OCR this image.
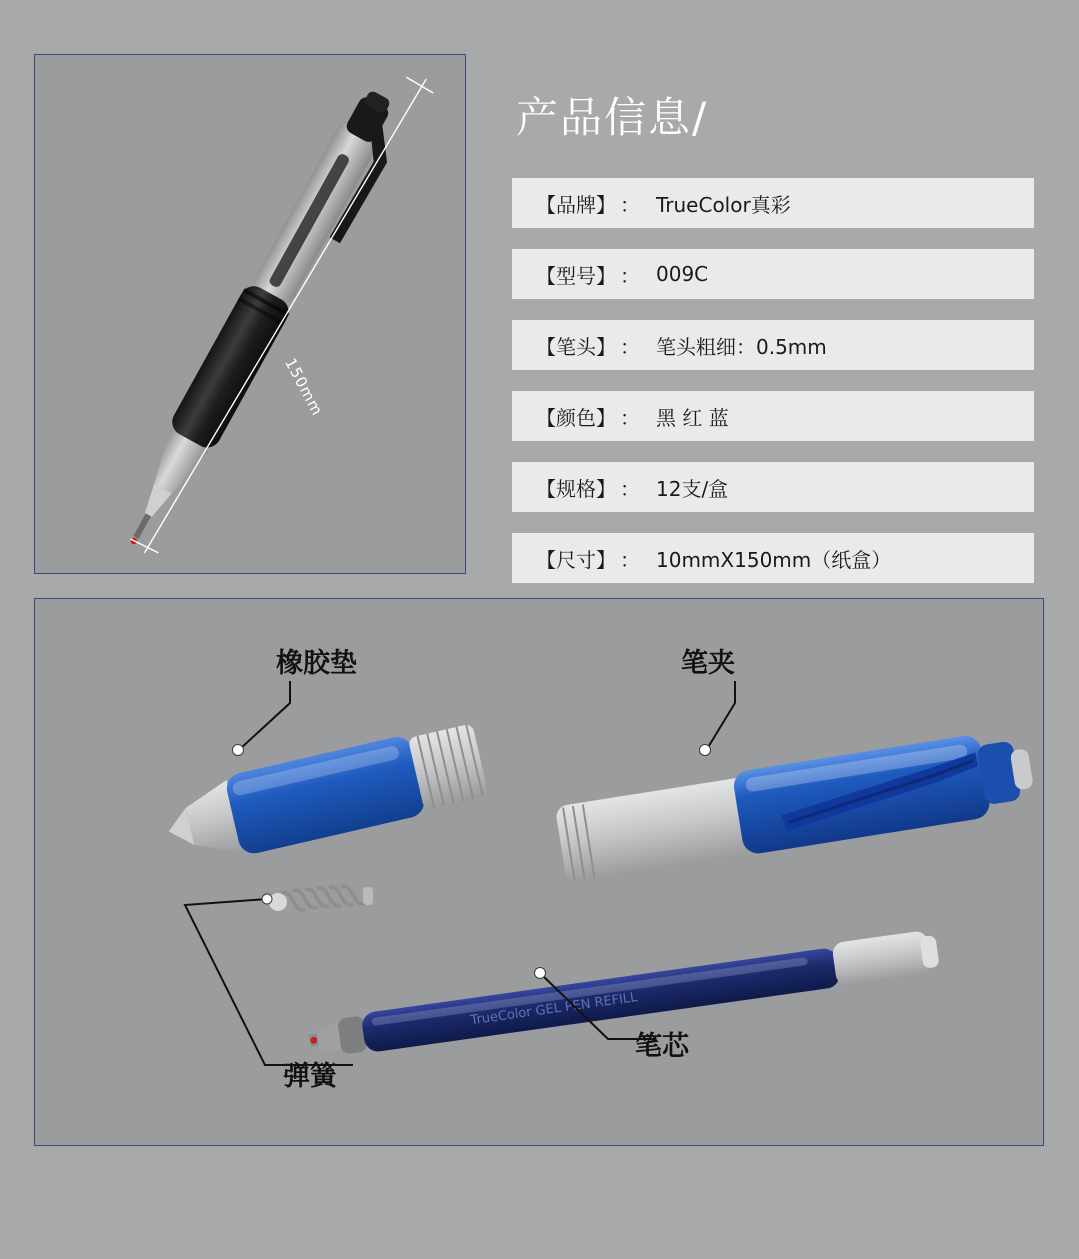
150mm
产品信息/
【品牌】 ： TrueColor真彩
【型号】 ： 009C
【笔头】 ： 笔头粗细：0.5mm
【颜色】 ： 黑 红 蓝
【规格】 ： 12支/盒
【尺寸】 ： 10mmX150mm（纸盒）
TrueColor GEL PEN REFILL
橡胶垫	笔夹
弹簧
笔芯
